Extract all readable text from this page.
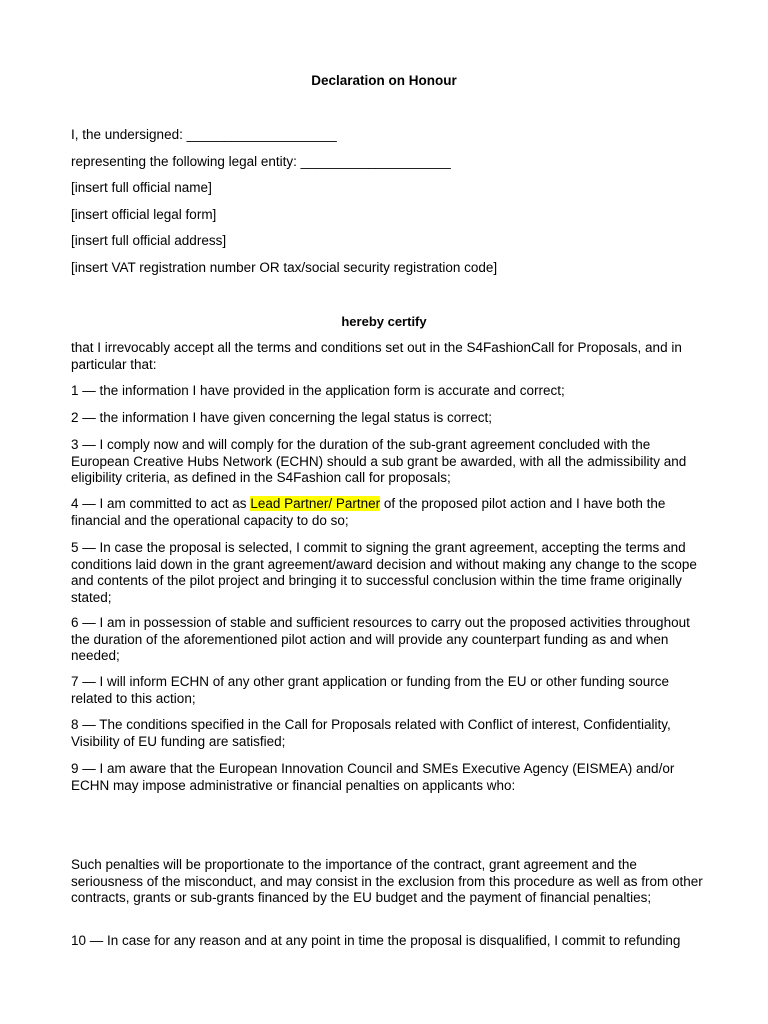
Declaration on Honour
I, the undersigned: ____________________
representing the following legal entity: ____________________
[insert full official name]
[insert official legal form]
[insert full official address]
[insert VAT registration number OR tax/social security registration code]
hereby certify
that I irrevocably accept all the terms and conditions set out in the S4FashionCall for Proposals, and in particular that:
1 — the information I have provided in the application form is accurate and correct;
2 — the information I have given concerning the legal status is correct;
3 — I comply now and will comply for the duration of the sub-grant agreement concluded with the European Creative Hubs Network (ECHN) should a sub grant be awarded, with all the admissibility and eligibility criteria, as defined in the S4Fashion call for proposals;
4 — I am committed to act as Lead Partner/ Partner of the proposed pilot action and I have both the financial and the operational capacity to do so;
5 — In case the proposal is selected, I commit to signing the grant agreement, accepting the terms and conditions laid down in the grant agreement/award decision and without making any change to the scope and contents of the pilot project and bringing it to successful conclusion within the time frame originally stated;
6 — I am in possession of stable and sufficient resources to carry out the proposed activities throughout the duration of the aforementioned pilot action and will provide any counterpart funding as and when needed;
7 — I will inform ECHN of any other grant application or funding from the EU or other funding source related to this action;
8 — The conditions specified in the Call for Proposals related with Conflict of interest, Confidentiality, Visibility of EU funding are satisfied;
9 — I am aware that the European Innovation Council and SMEs Executive Agency (EISMEA) and/or ECHN may impose administrative or financial penalties on applicants who:
Such penalties will be proportionate to the importance of the contract, grant agreement and the seriousness of the misconduct, and may consist in the exclusion from this procedure as well as from other contracts, grants or sub-grants financed by the EU budget and the payment of financial penalties;
10 — In case for any reason and at any point in time the proposal is disqualified, I commit to refunding
